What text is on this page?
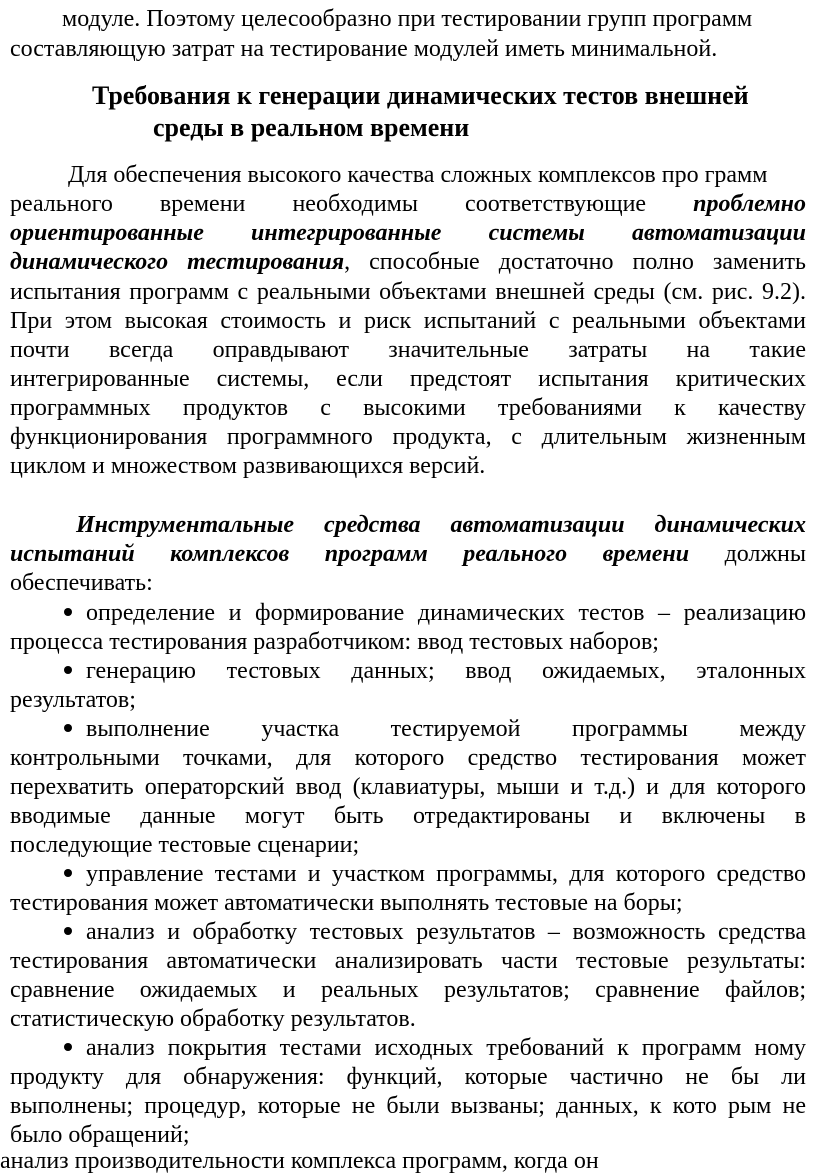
модуле. Поэтому целесообразно при тестировании групп программ
составляющую затрат на тестирование модулей иметь минимальной.
Требования к генерации динамических тестов внешней
среды в реальном времени
Для обеспечения высокого качества сложных комплексов про грамм
реального времени необходимы соответствующие проблемно
ориентированные интегрированные системы автоматизации
динамического тестирования, способные достаточно полно заменить
испытания программ с реальными объектами внешней среды (см. рис. 9.2).
При этом высокая стоимость и риск испытаний с реальными объектами
почти всегда оправдывают значительные затраты на такие
интегрированные системы, если предстоят испытания критических
программных продуктов с высокими требованиями к качеству
функционирования программного продукта, с длительным жизненным
циклом и множеством развивающихся версий.
Инструментальные средства автоматизации динамических
испытаний комплексов программ реального времени должны
обеспечивать:
определение и формирование динамических тестов – реализацию
процесса тестирования разработчиком: ввод тестовых наборов;
генерацию тестовых данных; ввод ожидаемых, эталонных
результатов;
выполнение участка тестируемой программы между
контрольными точками, для которого средство тестирования может
перехватить операторский ввод (клавиатуры, мыши и т.д.) и для которого
вводимые данные могут быть отредактированы и включены в
последующие тестовые сценарии;
управление тестами и участком программы, для которого средство
тестирования может автоматически выполнять тестовые на боры;
анализ и обработку тестовых результатов – возможность средства
тестирования автоматически анализировать части тестовые результаты:
сравнение ожидаемых и реальных результатов; сравнение файлов;
статистическую обработку результатов.
анализ покрытия тестами исходных требований к программ ному
продукту для обнаружения: функций, которые частично не бы ли
выполнены; процедур, которые не были вызваны; данных, к кото рым не
было обращений;
анализ производительности комплекса программ, когда он
